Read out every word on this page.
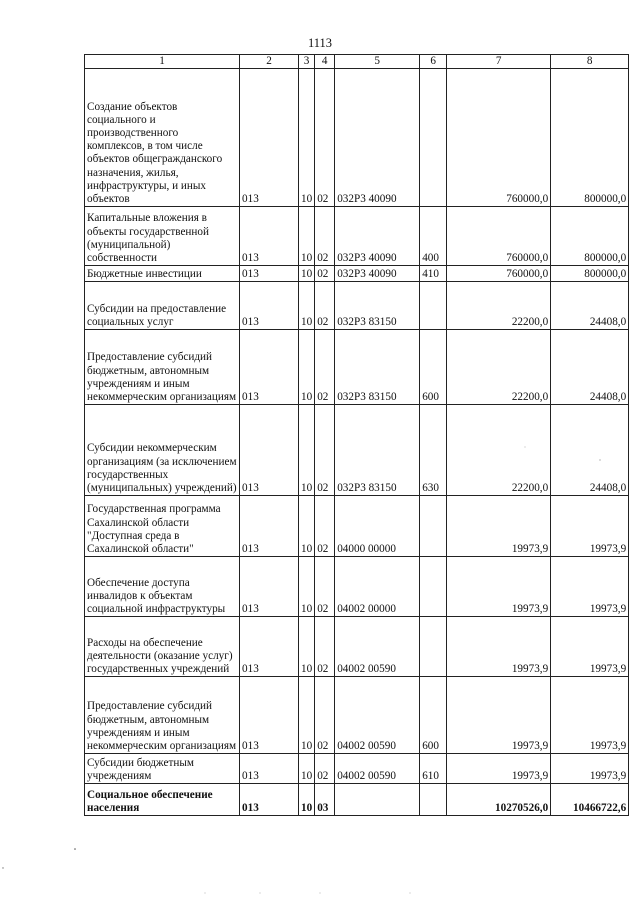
1113
1	2	3	4	5	6	7	8
Создание объектов социального и производственного комплексов, в том числе объектов общегражданского назначения, жилья, инфраструктуры, и иных объектов	013	10	02	032Р3 40090		760000,0	800000,0
Капитальные вложения в объекты государственной (муниципальной) собственности	013	10	02	032Р3 40090	400	760000,0	800000,0
Бюджетные инвестиции	013	10	02	032Р3 40090	410	760000,0	800000,0
Субсидии на предоставление социальных услуг	013	10	02	032Р3 83150		22200,0	24408,0
Предоставление субсидий бюджетным, автономным учреждениям и иным некоммерческим организациям	013	10	02	032Р3 83150	600	22200,0	24408,0
Субсидии некоммерческим организациям (за исключением государственных (муниципальных) учреждений)	013	10	02	032Р3 83150	630	22200,0	24408,0
Государственная программа Сахалинской области "Доступная среда в Сахалинской области"	013	10	02	04000 00000		19973,9	19973,9
Обеспечение доступа инвалидов к объектам социальной инфраструктуры	013	10	02	04002 00000		19973,9	19973,9
Расходы на обеспечение деятельности (оказание услуг) государственных учреждений	013	10	02	04002 00590		19973,9	19973,9
Предоставление субсидий бюджетным, автономным учреждениям и иным некоммерческим организациям	013	10	02	04002 00590	600	19973,9	19973,9
Субсидии бюджетным учреждениям	013	10	02	04002 00590	610	19973,9	19973,9
Социальное обеспечение населения	013	10	03			10270526,0	10466722,6
